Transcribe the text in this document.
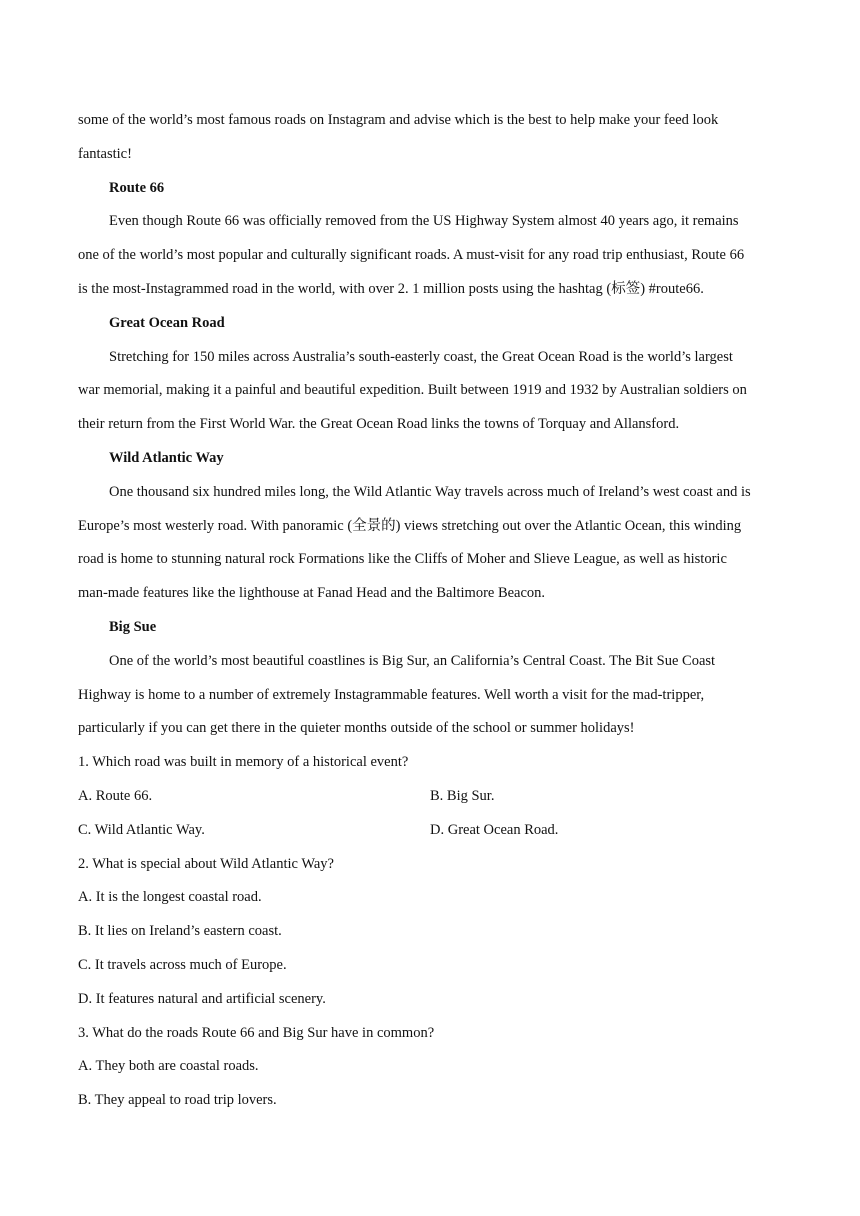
some of the world’s most famous roads on Instagram and advise which is the best to help make your feed look
fantastic!
Route 66
Even though Route 66 was officially removed from the US Highway System almost 40 years ago, it remains
one of the world’s most popular and culturally significant roads. A must-visit for any road trip enthusiast, Route 66
is the most-Instagrammed road in the world, with over 2. 1 million posts using the hashtag (标签) #route66.
Great Ocean Road
Stretching for 150 miles across Australia’s south-easterly coast, the Great Ocean Road is the world’s largest
war memorial, making it a painful and beautiful expedition. Built between 1919 and 1932 by Australian soldiers on
their return from the First World War. the Great Ocean Road links the towns of Torquay and Allansford.
Wild Atlantic Way
One thousand six hundred miles long, the Wild Atlantic Way travels across much of Ireland’s west coast and is
Europe’s most westerly road. With panoramic (全景的) views stretching out over the Atlantic Ocean, this winding
road is home to stunning natural rock Formations like the Cliffs of Moher and Slieve League, as well as historic
man-made features like the lighthouse at Fanad Head and the Baltimore Beacon.
Big Sue
One of the world’s most beautiful coastlines is Big Sur, an California’s Central Coast. The Bit Sue Coast
Highway is home to a number of extremely Instagrammable features. Well worth a visit for the mad-tripper,
particularly if you can get there in the quieter months outside of the school or summer holidays!
1. Which road was built in memory of a historical event?
A. Route 66.	B. Big Sur.
C. Wild Atlantic Way.	D. Great Ocean Road.
2. What is special about Wild Atlantic Way?
A. It is the longest coastal road.
B. It lies on Ireland’s eastern coast.
C. It travels across much of Europe.
D. It features natural and artificial scenery.
3. What do the roads Route 66 and Big Sur have in common?
A. They both are coastal roads.
B. They appeal to road trip lovers.
